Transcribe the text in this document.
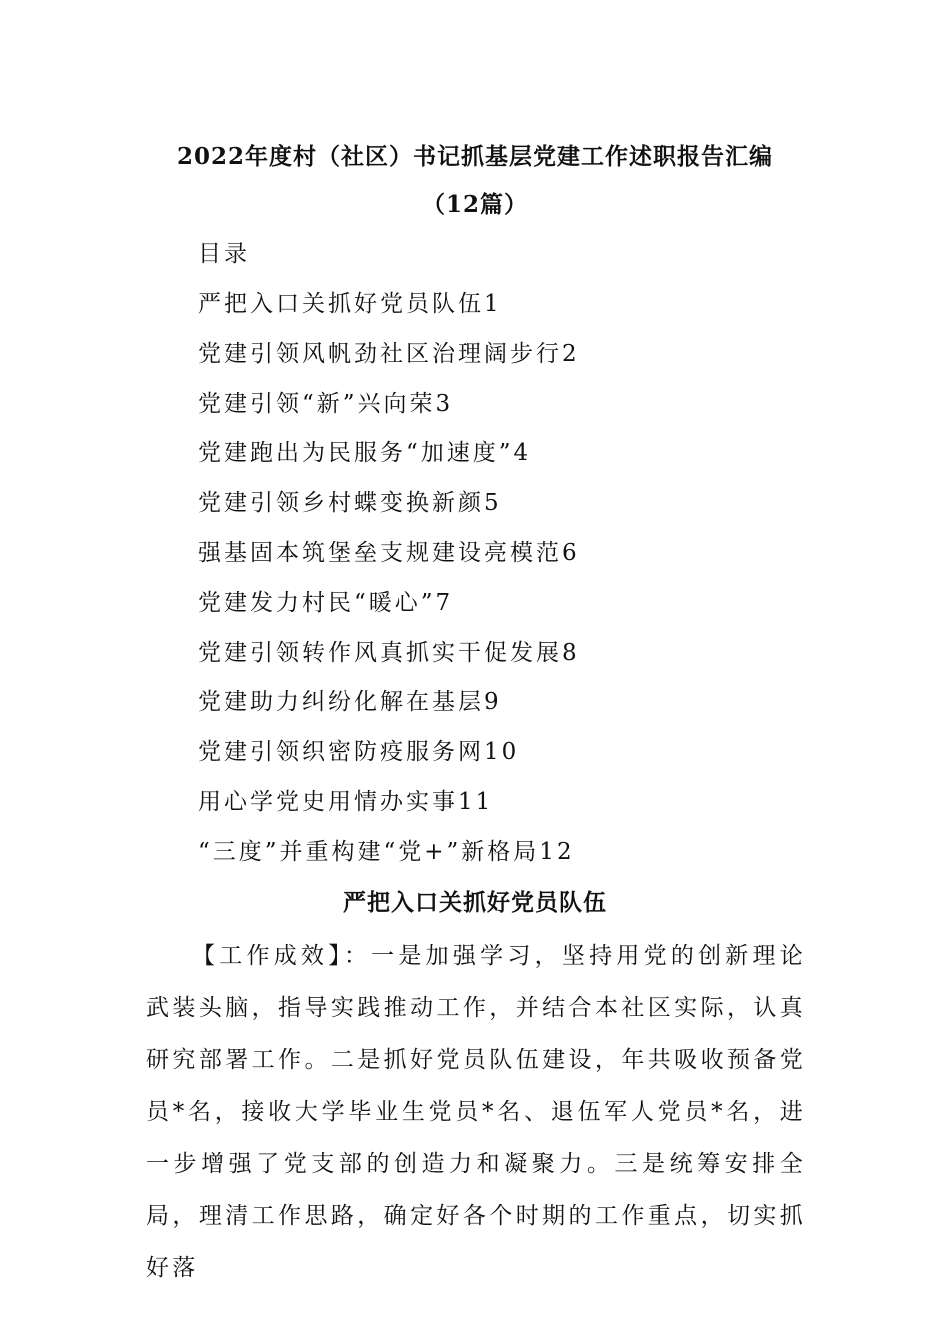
2022年度村（社区）书记抓基层党建工作述职报告汇编
（12篇）
目录
严把入口关抓好党员队伍1
党建引领风帆劲社区治理阔步行2
党建引领“新”兴向荣3
党建跑出为民服务“加速度”4
党建引领乡村蝶变换新颜5
强基固本筑堡垒支规建设亮模范6
党建发力村民“暖心”7
党建引领转作风真抓实干促发展8
党建助力纠纷化解在基层9
党建引领织密防疫服务网10
用心学党史用情办实事11
“三度”并重构建“党+”新格局12
严把入口关抓好党员队伍

【工作成效】：一是加强学习，坚持用党的创新理论武装头脑，指导实践推动工作，并结合本社区实际，认真研究部署工作。二是抓好党员队伍建设，年共吸收预备党员*名，接收大学毕业生党员*名、退伍军人党员*名，进一步增强了党支部的创造力和凝聚力。三是统筹安排全局，理清工作思路，确定好各个时期的工作重点，切实抓好落
